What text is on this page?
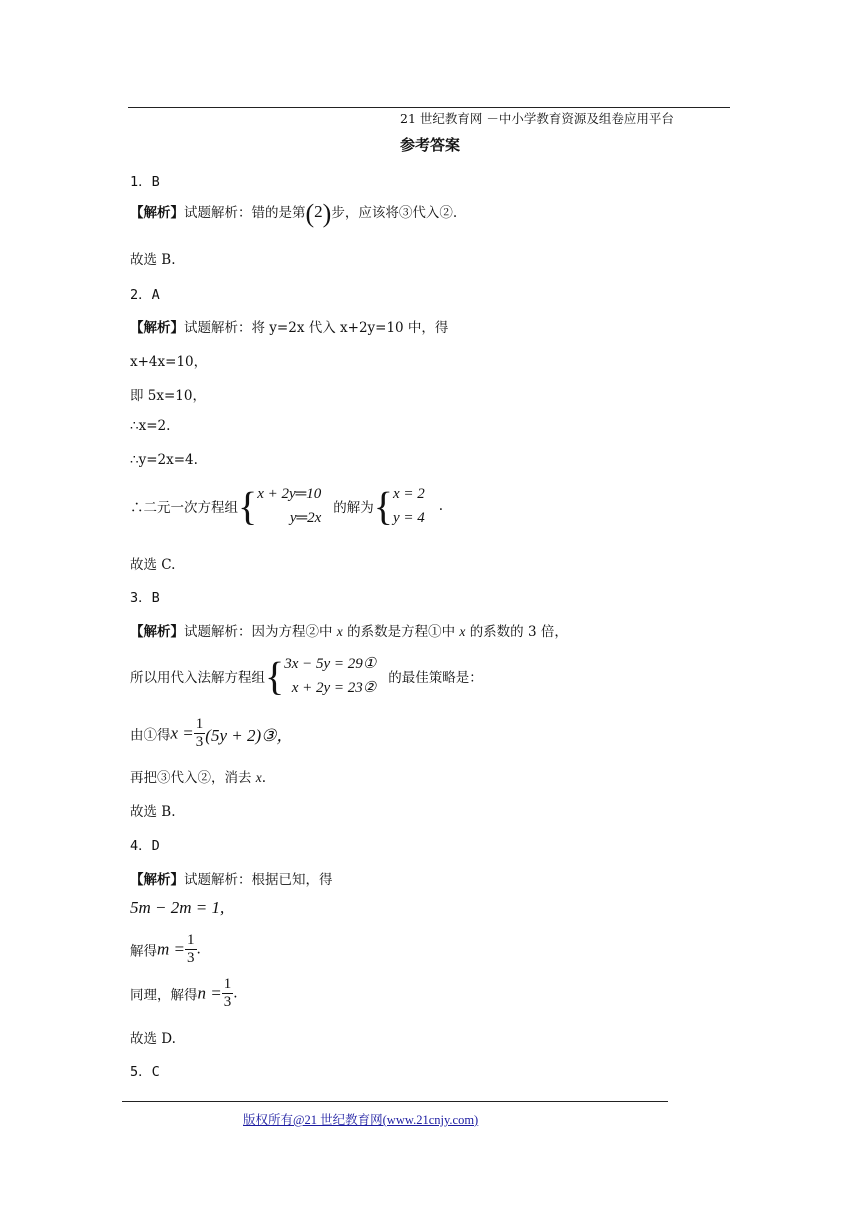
21 世纪教育网 －中小学教育资源及组卷应用平台
参考答案
1．B
【解析】试题解析：错的是第(2)步，应该将③代入②.
故选 B.
2．A
【解析】试题解析：将 y=2x 代入 x+2y=10 中，得
x+4x=10，
即 5x=10，
∴x=2.
∴y=2x=4.
∴二元一次方程组{ x + 2y═10
y═2x
的解为{ x = 2
y = 4
.
故选 C.
3．B
【解析】试题解析：因为方程②中 x 的系数是方程①中 x 的系数的 3 倍，
所以用代入法解方程组{ 3x − 5y = 29①
x + 2y = 23②
的最佳策略是：
由①得$x = \frac{1}{3} (5y$ + 2)③，
再把③代入②，消去 x.
故选 B.
4．D
【解析】试题解析：根据已知，得
5m − 2m = 1,
解得$m = \frac{1}{3}$ .
同理，解得$n = \frac{1}{3}$ .
故选 D.
5．C
版权所有@21 世纪教育网(www.21cnjy.com)
